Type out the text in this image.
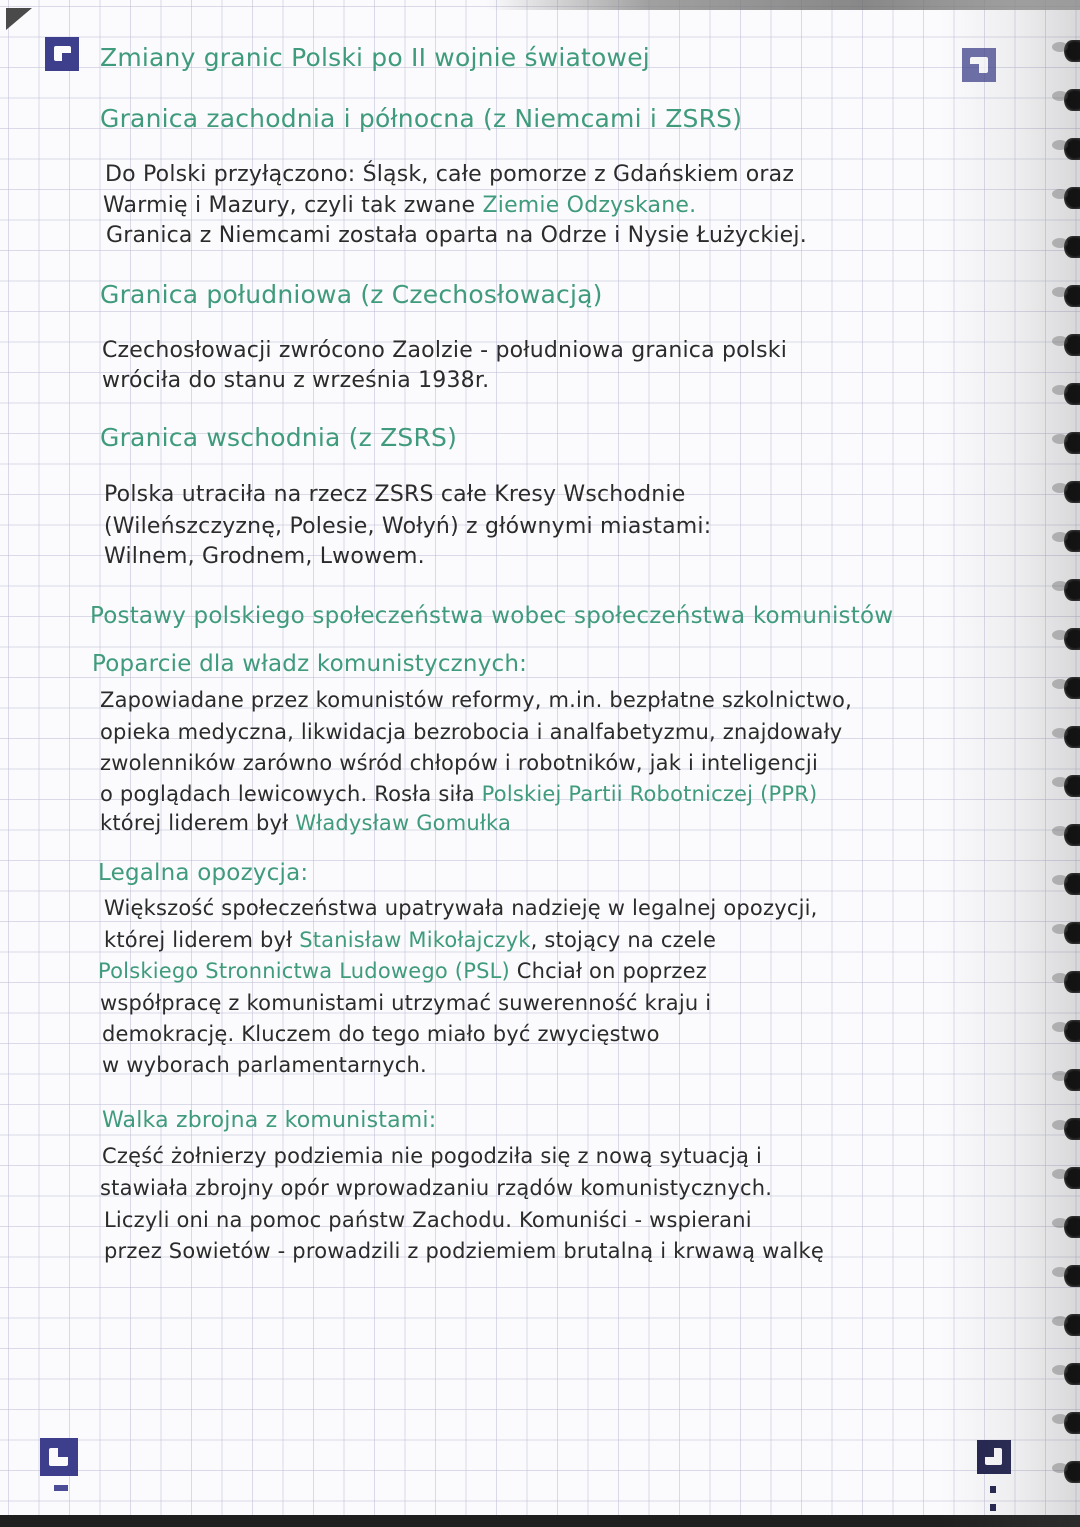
Zmiany granic Polski po II wojnie światowej
Granica zachodnia i północna (z Niemcami i ZSRS)
Do Polski przyłączono: Śląsk, całe pomorze z Gdańskiem oraz
Warmię i Mazury, czyli tak zwane Ziemie Odzyskane.
Granica z Niemcami została oparta na Odrze i Nysie Łużyckiej.
Granica południowa (z Czechosłowacją)
Czechosłowacji zwrócono Zaolzie - południowa granica polski
wróciła do stanu z września 1938r.
Granica wschodnia (z ZSRS)
Polska utraciła na rzecz ZSRS całe Kresy Wschodnie
(Wileńszczyznę, Polesie, Wołyń) z głównymi miastami:
Wilnem, Grodnem, Lwowem.
Postawy polskiego społeczeństwa wobec społeczeństwa komunistów
Poparcie dla władz komunistycznych:
Zapowiadane przez komunistów reformy, m.in. bezpłatne szkolnictwo,
opieka medyczna, likwidacja bezrobocia i analfabetyzmu, znajdowały
zwolenników zarówno wśród chłopów i robotników, jak i inteligencji
o poglądach lewicowych. Rosła siła Polskiej Partii Robotniczej (PPR)
której liderem był Władysław Gomułka
Legalna opozycja:
Większość społeczeństwa upatrywała nadzieję w legalnej opozycji,
której liderem był Stanisław Mikołajczyk, stojący na czele
Polskiego Stronnictwa Ludowego (PSL) Chciał on poprzez
współpracę z komunistami utrzymać suwerenność kraju i
demokrację. Kluczem do tego miało być zwycięstwo
w wyborach parlamentarnych.
Walka zbrojna z komunistami:
Część żołnierzy podziemia nie pogodziła się z nową sytuacją i
stawiała zbrojny opór wprowadzaniu rządów komunistycznych.
Liczyli oni na pomoc państw Zachodu. Komuniści - wspierani
przez Sowietów - prowadzili z podziemiem brutalną i krwawą walkę
